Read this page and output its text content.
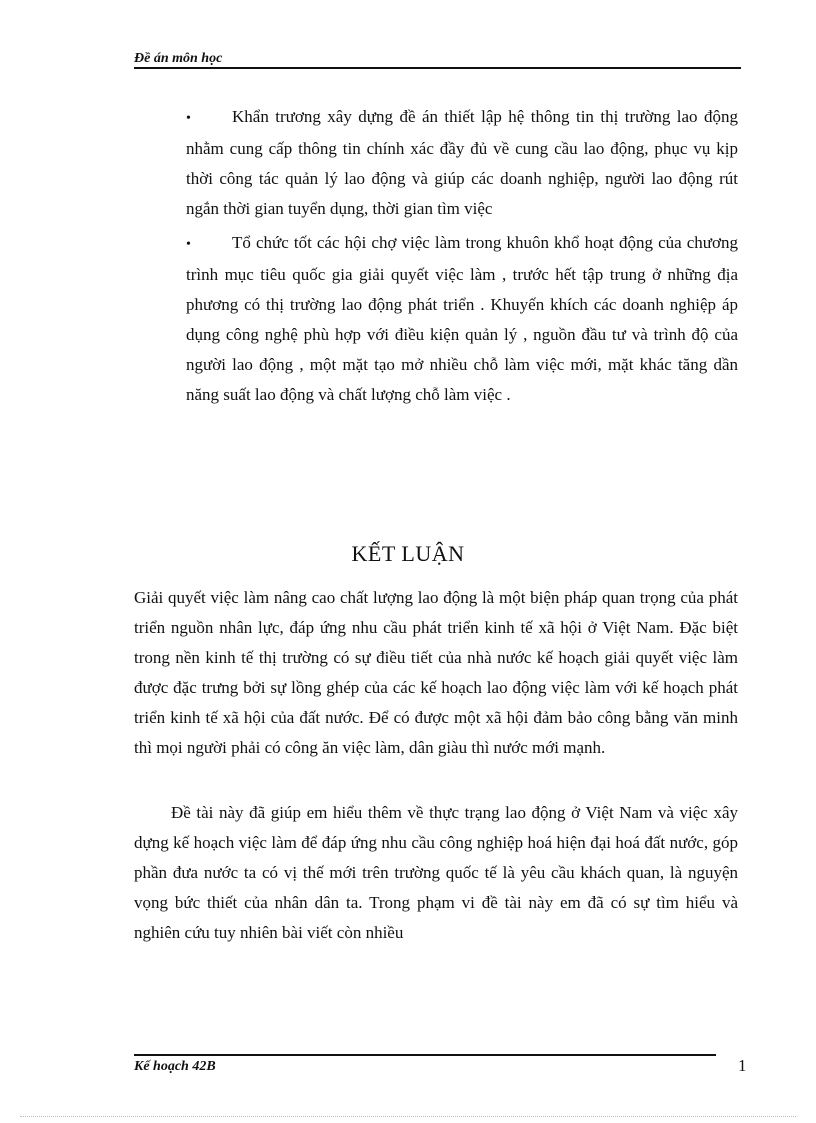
Đề án môn học
• Khẩn trương xây dựng đề án thiết lập hệ thông tin thị trường lao động nhằm cung cấp thông tin chính xác đầy đủ về cung cầu lao động, phục vụ kịp thời công tác quản lý lao động và giúp các doanh nghiệp, người lao động rút ngắn thời gian tuyển dụng, thời gian tìm việc
• Tổ chức tốt các hội chợ việc làm trong khuôn khổ hoạt động của chương trình mục tiêu quốc gia giải quyết việc làm , trước hết tập trung ở những địa phương có thị trường lao động phát triển . Khuyến khích các doanh nghiệp áp dụng công nghệ phù hợp với điều kiện quản lý , nguồn đầu tư và trình độ của người lao động , một mặt tạo mở nhiều chỗ làm việc mới, mặt khác tăng dần năng suất lao động và chất lượng chỗ làm việc .
KẾT LUẬN
Giải quyết việc làm nâng cao chất lượng lao động là một biện pháp quan trọng của phát triển nguồn nhân lực, đáp ứng nhu cầu phát triển kinh tế xã hội ở Việt Nam. Đặc biệt trong nền kinh tế thị trường có sự điều tiết của nhà nước kế hoạch giải quyết việc làm được đặc trưng bởi sự lồng ghép của các kế hoạch lao động việc làm với kế hoạch phát triển kinh tế xã hội của đất nước. Để có được một xã hội đảm bảo công bằng văn minh thì mọi người phải có công ăn việc làm, dân giàu thì nước mới mạnh.
Đề tài này đã giúp em hiểu thêm về thực trạng lao động ở Việt Nam và việc xây dựng kế hoạch việc làm để đáp ứng nhu cầu công nghiệp hoá hiện đại hoá đất nước, góp phần đưa nước ta có vị thế mới trên trường quốc tế là yêu cầu khách quan, là nguyện vọng bức thiết của nhân dân ta. Trong phạm vi đề tài này em đã có sự tìm hiểu và nghiên cứu tuy nhiên bài viết còn nhiều
Kế hoạch 42B	1
